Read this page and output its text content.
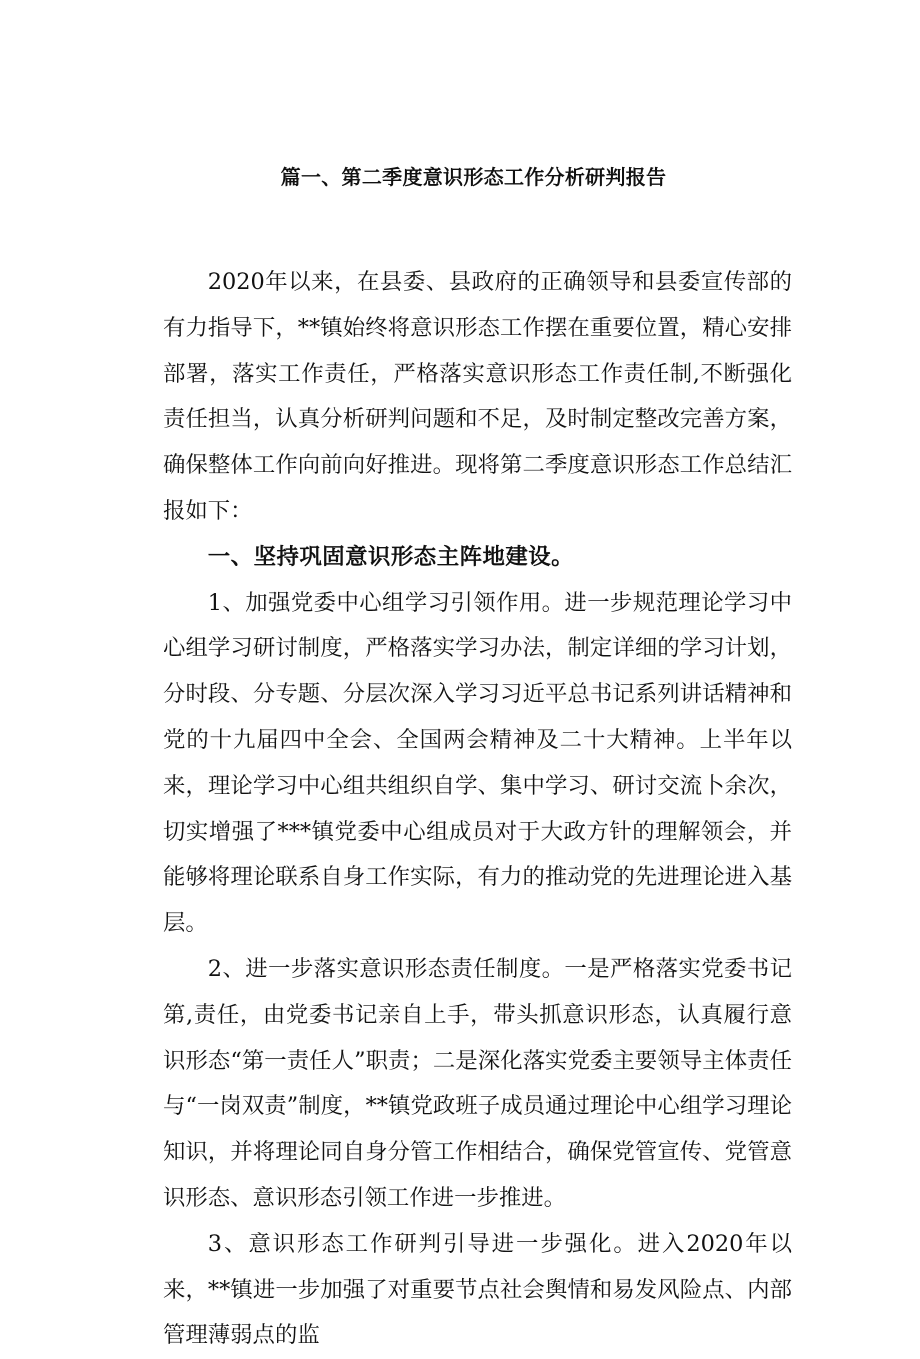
篇一、第二季度意识形态工作分析研判报告

2020年以来，在县委、县政府的正确领导和县委宣传部的有力指导下，**镇始终将意识形态工作摆在重要位置，精心安排部署，落实工作责任，严格落实意识形态工作责任制,不断强化责任担当，认真分析研判问题和不足，及时制定整改完善方案，确保整体工作向前向好推进。现将第二季度意识形态工作总结汇报如下：

一、坚持巩固意识形态主阵地建设。

1、加强党委中心组学习引领作用。进一步规范理论学习中心组学习研讨制度，严格落实学习办法，制定详细的学习计划，分时段、分专题、分层次深入学习习近平总书记系列讲话精神和党的十九届四中全会、全国两会精神及二十大精神。上半年以来，理论学习中心组共组织自学、集中学习、研讨交流卜余次，切实增强了***镇党委中心组成员对于大政方针的理解领会，并能够将理论联系自身工作实际，有力的推动党的先进理论进入基层。

2、进一步落实意识形态责任制度。一是严格落实党委书记第,责任，由党委书记亲自上手，带头抓意识形态，认真履行意识形态“第一责任人”职责；二是深化落实党委主要领导主体责任与“一岗双责”制度，**镇党政班子成员通过理论中心组学习理论知识，并将理论同自身分管工作相结合，确保党管宣传、党管意识形态、意识形态引领工作进一步推进。

3、意识形态工作研判引导进一步强化。进入2020年以来，**镇进一步加强了对重要节点社会舆情和易发风险点、内部管理薄弱点的监
